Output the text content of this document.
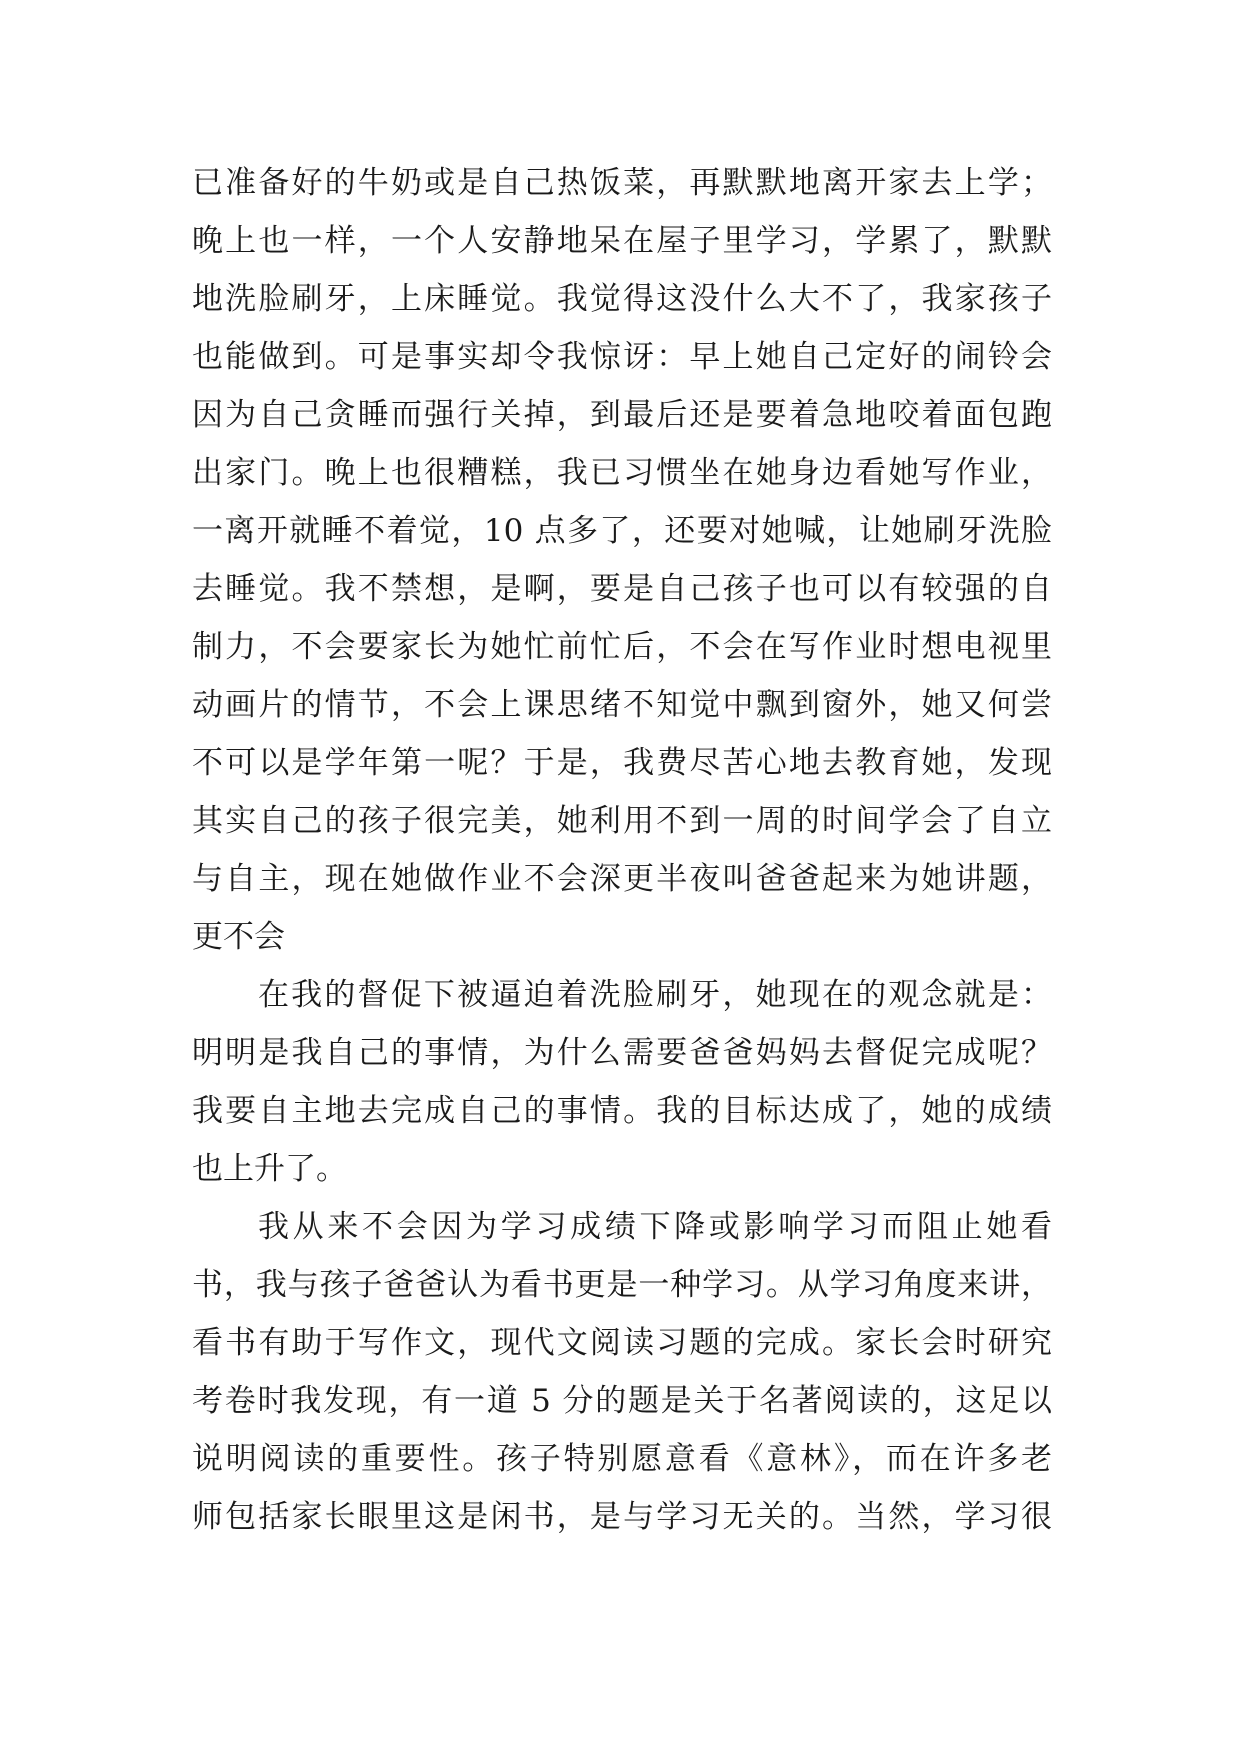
已准备好的牛奶或是自己热饭菜，再默默地离开家去上学；
晚上也一样，一个人安静地呆在屋子里学习，学累了，默默
地洗脸刷牙，上床睡觉。我觉得这没什么大不了，我家孩子
也能做到。可是事实却令我惊讶：早上她自己定好的闹铃会
因为自己贪睡而强行关掉，到最后还是要着急地咬着面包跑
出家门。晚上也很糟糕，我已习惯坐在她身边看她写作业，
一离开就睡不着觉，10 点多了，还要对她喊，让她刷牙洗脸
去睡觉。我不禁想，是啊，要是自己孩子也可以有较强的自
制力，不会要家长为她忙前忙后，不会在写作业时想电视里
动画片的情节，不会上课思绪不知觉中飘到窗外，她又何尝
不可以是学年第一呢？于是，我费尽苦心地去教育她，发现
其实自己的孩子很完美，她利用不到一周的时间学会了自立
与自主，现在她做作业不会深更半夜叫爸爸起来为她讲题，
更不会
在我的督促下被逼迫着洗脸刷牙，她现在的观念就是：
明明是我自己的事情，为什么需要爸爸妈妈去督促完成呢？
我要自主地去完成自己的事情。我的目标达成了，她的成绩
也上升了。
我从来不会因为学习成绩下降或影响学习而阻止她看
书，我与孩子爸爸认为看书更是一种学习。从学习角度来讲，
看书有助于写作文，现代文阅读习题的完成。家长会时研究
考卷时我发现，有一道 5 分的题是关于名著阅读的，这足以
说明阅读的重要性。孩子特别愿意看《意林》，而在许多老
师包括家长眼里这是闲书，是与学习无关的。当然，学习很
